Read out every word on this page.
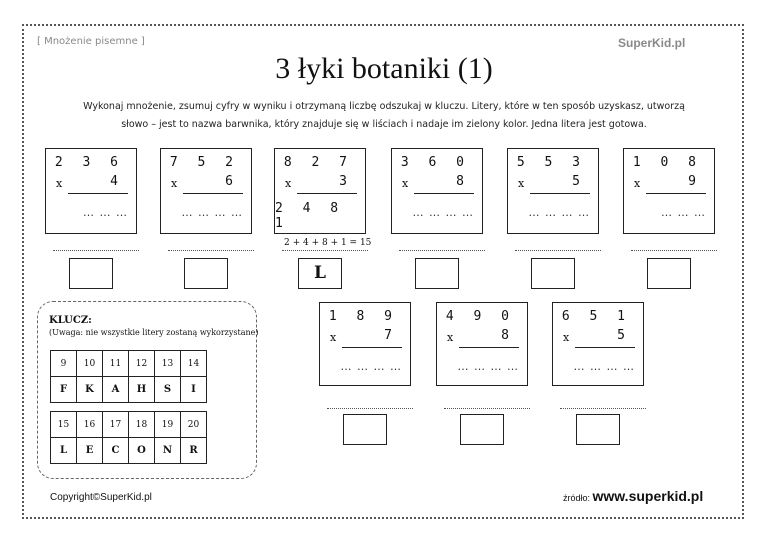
[ Mnożenie pisemne ]	SuperKid.pl
3 łyki botaniki (1)
Wykonaj mnożenie, zsumuj cyfry w wyniku i otrzymaną liczbę odszukaj w kluczu. Litery, które w ten sposób uzyskasz, utworzą
słowo – jest to nazwa barwnika, który znajduje się w liściach i nadaje im zielony kolor. Jedna litera jest gotowa.
2 3 6
x	4
… … …
7 5 2
x	6
… … … …
8 2 7
x	3
2 4 8 1
L
3 6 0
x	8
… … … …
5 5 3
x	5
… … … …
1 0 8
x	9
… … …
1 8 9
x	7
… … … …
4 9 0
x	8
… … … …
6 5 1
x	5
… … … …
2 + 4 + 8 + 1 = 15
KLUCZ:
(Uwaga: nie wszystkie litery zostaną wykorzystane)
9	10	11	12	13	14
F	K	A	H	S	I
15	16	17	18	19	20
L	E	C	O	N	R
Copyright©SuperKid.pl	źródło: www.superkid.pl
